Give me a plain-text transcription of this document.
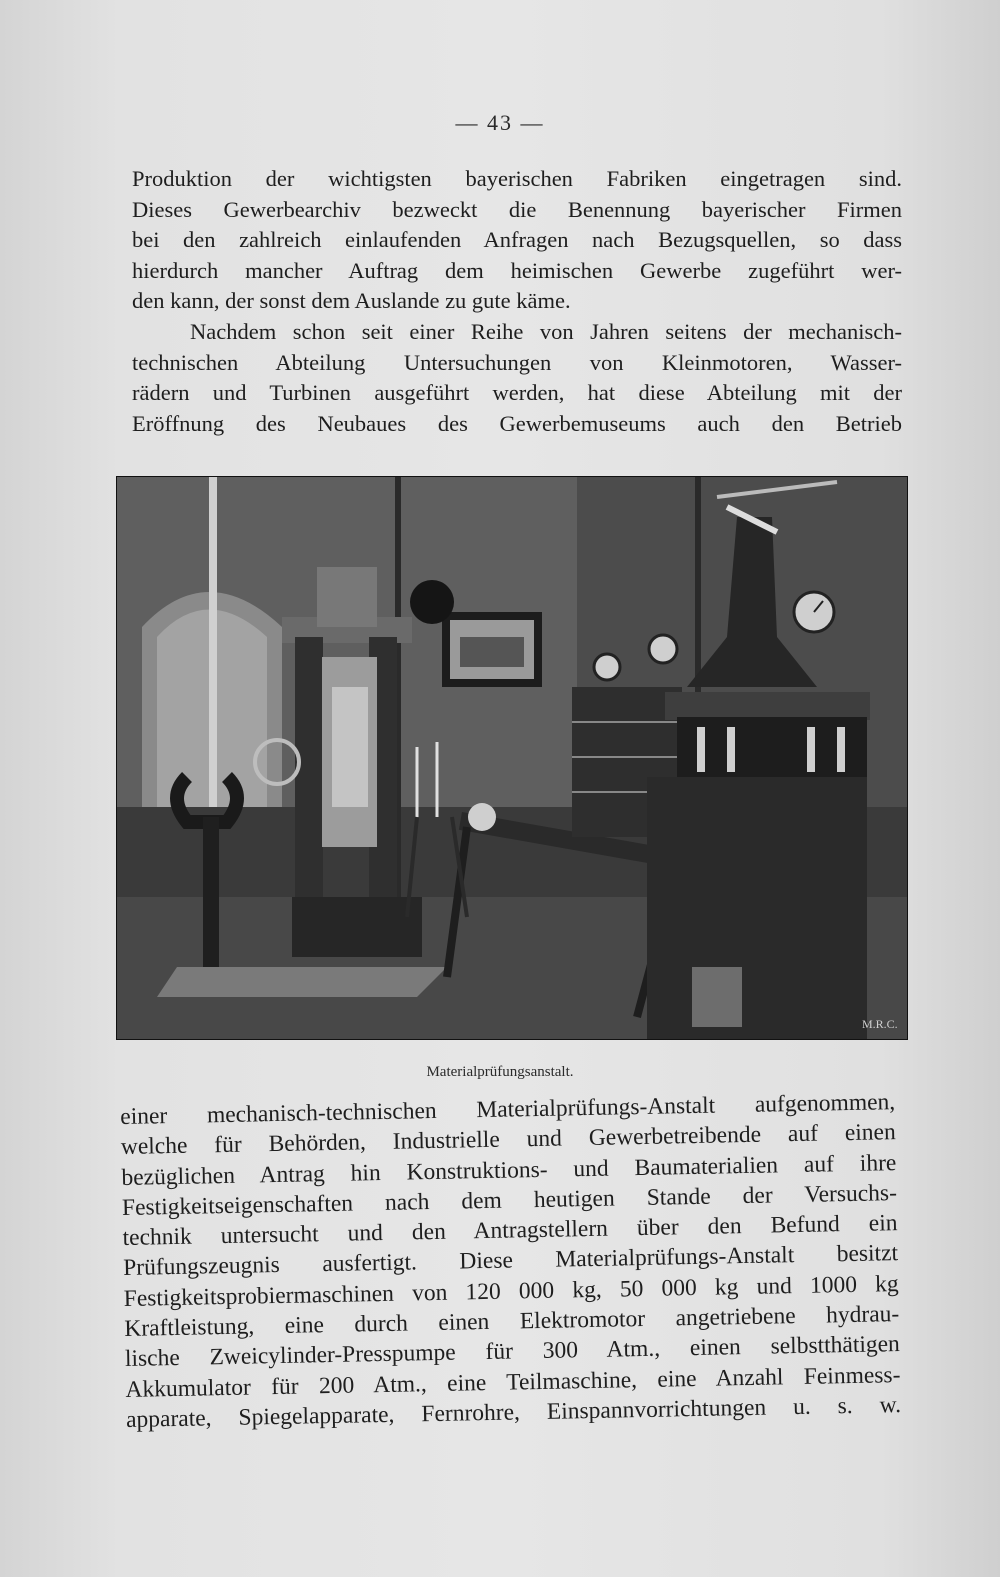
— 43 —

Produktion der wichtigsten bayerischen Fabriken eingetragen sind.
Dieses Gewerbearchiv bezweckt die Benennung bayerischer Firmen
bei den zahlreich einlaufenden Anfragen nach Bezugsquellen, so dass
hierdurch mancher Auftrag dem heimischen Gewerbe zugeführt wer-
den kann, der sonst dem Auslande zu gute käme.
Nachdem schon seit einer Reihe von Jahren seitens der mechanisch-
technischen Abteilung Untersuchungen von Kleinmotoren, Wasser-
rädern und Turbinen ausgeführt werden, hat diese Abteilung mit der
Eröffnung des Neubaues des Gewerbemuseums auch den Betrieb

M.R.C.
Materialprüfungsanstalt.

einer mechanisch-technischen Materialprüfungs-Anstalt aufgenommen,
welche für Behörden, Industrielle und Gewerbetreibende auf einen
bezüglichen Antrag hin Konstruktions- und Baumaterialien auf ihre
Festigkeitseigenschaften nach dem heutigen Stande der Versuchs-
technik untersucht und den Antragstellern über den Befund ein
Prüfungszeugnis ausfertigt. Diese Materialprüfungs-Anstalt besitzt
Festigkeitsprobiermaschinen von 120 000 kg, 50 000 kg und 1000 kg
Kraftleistung, eine durch einen Elektromotor angetriebene hydrau-
lische Zweicylinder-Presspumpe für 300 Atm., einen selbstthätigen
Akkumulator für 200 Atm., eine Teilmaschine, eine Anzahl Feinmess-
apparate, Spiegelapparate, Fernrohre, Einspannvorrichtungen u. s. w.
